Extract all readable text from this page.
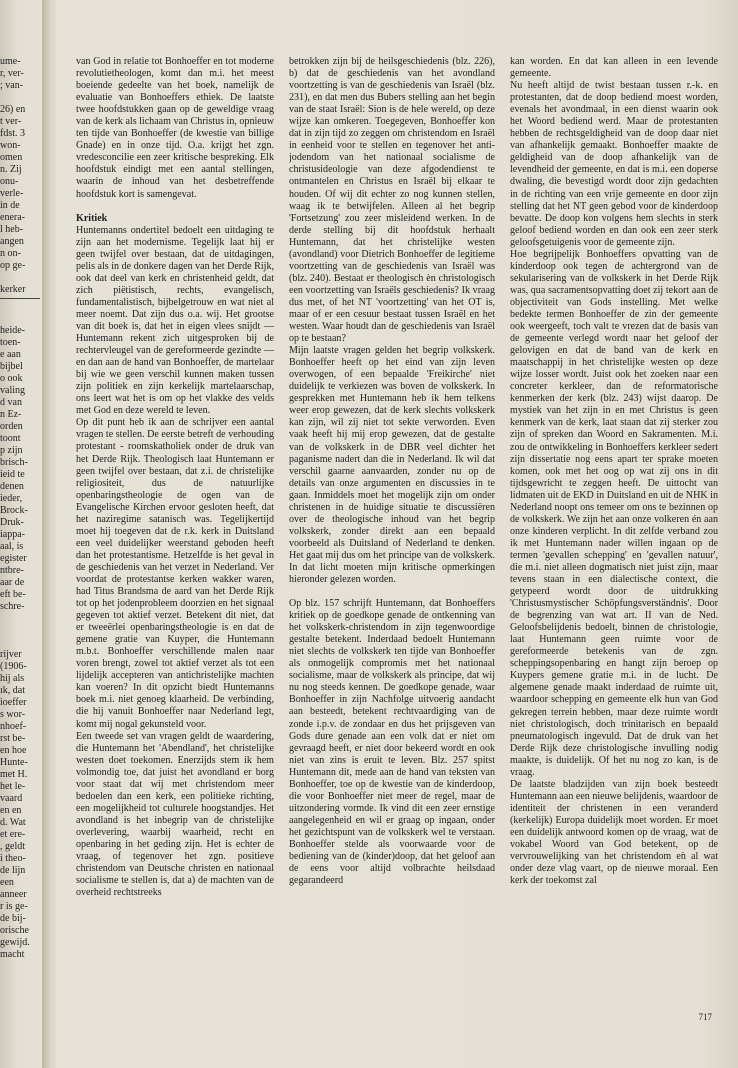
ume-
r, ver-
; van-
26) en
t ver-
fdst. 3
won-
omen
n. Zij
onu-
verle-
in de
enera-
l heb-
angen
n on-
op ge-
kerker
heide-
toen-
e aan
bijbel
o ook
valing
d van
n Ez-
orden
toont
p zijn
brisch-
ieid te
denen
ieder,
Brock-
Druk-
iappa-
aal, is
egister
ntbre-
aar de
eft be-
schre-
rijver
(1906-
hij als
ık, dat
ioeffer
s wor-
nhoef-
rst be-
en hoe
Hunte-
met H.
het le-
vaard
en en
d. Wat
et ere-
, geldt
i theo-
de lijn
een
anneer
r is ge-
de bij-
orische
gewijd.
macht

van God in relatie tot Bonhoeffer en tot moderne revolutietheologen, komt dan m.i. het meest boeiende gedeelte van het boek, namelijk de evaluatie van Bonhoeffers ethiek. De laatste twee hoofdstukken gaan op de geweldige vraag van de kerk als lichaam van Christus in, opnieuw ten tijde van Bonhoeffer (de kwestie van billige Gnade) en in onze tijd. O.a. krijgt het zgn. vredesconcilie een zeer kritische bespreking. Elk hoofdstuk eindigt met een aantal stellingen, waarin de inhoud van het desbetreffende hoofdstuk kort is samengevat.

Kritiek

Huntemanns ondertitel bedoelt een uitdaging te zijn aan het modernisme. Tegelijk laat hij er geen twijfel over bestaan, dat de uitdagingen, pelis als in de donkere dagen van het Derde Rijk, ook dat deel van kerk en christenheid geldt, dat zich piëtistisch, rechts, evangelisch, fundamentalistisch, bijbelgetrouw en wat niet al meer noemt. Dat zijn dus o.a. wij. Het grootse van dit boek is, dat het in eigen vlees snijdt — Huntemann rekent zich uitgesproken bij de rechtervleugel van de gereformeerde gezindte — en dan aan de hand van Bonhoeffer, de martelaar bij wie we geen verschil kunnen maken tussen zijn politiek en zijn kerkelijk martelaarschap, ons leert wat het is om op het vlakke des velds met God en deze wereld te leven.

Op dit punt heb ik aan de schrijver een aantal vragen te stellen. De eerste betreft de verhouding protestant - roomskatholiek onder de druk van het Derde Rijk. Theologisch laat Huntemann er geen twijfel over bestaan, dat z.i. de christelijke religiositeit, dus de natuurlijke openbaringstheologie de ogen van de Evangelische Kirchen ervoor gesloten heeft, dat het naziregime satanisch was. Tegelijkertijd moet hij toegeven dat de r.k. kerk in Duitsland een veel duidelijker weerstand geboden heeft dan het protestantisme. Hetzelfde is het geval in de geschiedenis van het verzet in Nederland. Ver voordat de protestantse kerken wakker waren, had Titus Brandsma de aard van het Derde Rijk tot op het jodenprobleem doorzien en het signaal gegeven tot aktief verzet. Betekent dit niet, dat er tweeërlei openbaringstheologie is en dat de gemene gratie van Kuyper, die Huntemann m.b.t. Bonhoeffer verschillende malen naar voren brengt, zowel tot aktief verzet als tot een lijdelijk accepteren van antichristelijke machten kan voeren? In dit opzicht biedt Huntemanns boek m.i. niet genoeg klaarheid. De verbinding, die hij vanuit Bonhoeffer naar Nederland legt, komt mij nogal gekunsteld voor.

Een tweede set van vragen geldt de waardering, die Huntemann het 'Abendland', het christelijke westen doet toekomen. Enerzijds stem ik hem volmondig toe, dat juist het avondland er borg voor staat dat wij met christendom meer bedoelen dan een kerk, een politieke richting, een mogelijkheid tot culturele hoogstandjes. Het avondland is het inbegrip van de christelijke overlevering, waarbij waarheid, recht en openbaring in het geding zijn. Het is echter de vraag, of tegenover het zgn. positieve christendom van Deutsche christen en nationaal socialisme te stellen is, dat a) de machten van de overheid rechtstreeks

betrokken zijn bij de heilsgeschiedenis (blz. 226), b) dat de geschiedenis van het avondland voortzetting is van de geschiedenis van Israël (blz. 231), en dat men dus Bubers stelling aan het begin van de staat Israël: Sion is de hele wereld, op deze wijze kan omkeren. Toegegeven, Bonhoeffer kon dat in zijn tijd zo zeggen om christendom en Israël in eenheid voor te stellen en tegenover het anti-jodendom van het nationaal socialisme de christusideologie van deze afgodendienst te ontmantelen en Christus en Israël bij elkaar te houden. Of wij dit echter zo nog kunnen stellen, waag ik te betwijfelen. Alleen al het begrip 'Fortsetzung' zou zeer misleidend werken. In de derde stelling bij dit hoofdstuk herhaalt Huntemann, dat het christelijke westen (avondland) voor Dietrich Bonhoeffer de legitieme voortzetting van de geschiedenis van Israël was (blz. 240). Bestaat er theologisch èn christologisch een voortzetting van Israëls geschiedenis? Ik vraag dus met, of het NT 'voortzetting' van het OT is, maar of er een cesuur bestaat tussen Israël en het westen. Waar houdt dan de geschiedenis van Israël op te bestaan?

Mijn laatste vragen gelden het begrip volkskerk. Bonhoeffer heeft op het eind van zijn leven overwogen, of een bepaalde 'Freikirche' niet duidelijk te verkiezen was boven de volkskerk. In gesprekken met Huntemann heb ik hem telkens weer erop gewezen, dat de kerk slechts volkskerk kan zijn, wil zij niet tot sekte verworden. Even vaak heeft hij mij erop gewezen, dat de gestalte van de volkskerk in de DBR veel dichter het paganisme nadert dan die in Nederland. Ik wil dat verschil gaarne aanvaarden, zonder nu op de details van onze argumenten en discussies in te gaan. Inmiddels moet het mogelijk zijn om onder christenen in de huidige situatie te discussiëren over de theologische inhoud van het begrip volkskerk, zonder direkt aan een bepaald voorbeeld als Duitsland of Nederland te denken. Het gaat mij dus om het principe van de volkskerk. In dat licht moeten mijn kritische opmerkingen hieronder gelezen worden.

Op blz. 157 schrijft Huntemann, dat Bonhoeffers kritiek op de goedkope genade de ontkenning van het volkskerk-christendom in zijn tegenwoordige gestalte betekent. Inderdaad bedoelt Huntemann niet slechts de volkskerk ten tijde van Bonhoeffer als onmogelijk compromis met het nationaal socialisme, maar de volkskerk als principe, dat wij nu nog steeds kennen. De goedkope genade, waar Bonhoeffer in zijn Nachfolge uitvoerig aandacht aan besteedt, betekent rechtvaardiging van de zonde i.p.v. de zondaar en dus het prijsgeven van Gods dure genade aan een volk dat er niet om gevraagd heeft, er niet door bekeerd wordt en ook niet van zins is eruit te leven. Blz. 257 spitst Huntemann dit, mede aan de hand van teksten van Bonhoeffer, toe op de kwestie van de kinderdoop, die voor Bonhoeffer niet meer de regel, maar de uitzondering vormde. Ik vind dit een zeer ernstige aangelegenheid en wil er graag op ingaan, onder het gezichtspunt van de volkskerk wel te verstaan. Bonhoeffer stelde als voorwaarde voor de bediening van de (kinder)doop, dat het geloof aan de eens voor altijd volbrachte heilsdaad gegarandeerd

kan worden. En dat kan alleen in een levende gemeente.

Nu heeft altijd de twist bestaan tussen r.-k. en protestanten, dat de doop bediend moest worden, evenals het avondmaal, in een dienst waarin ook het Woord bediend werd. Maar de protestanten hebben de rechtsgeldigheid van de doop daar niet van afhankelijk gemaakt. Bonhoeffer maakte de geldigheid van de doop afhankelijk van de levendheid der gemeente, en dat is m.i. een doperse dwaling, die bevestigd wordt door zijn gedachten in de richting van een vrije gemeente en door zijn stelling dat het NT geen gebod voor de kinderdoop bevatte. De doop kon volgens hem slechts in sterk geloof bediend worden en dan ook een zeer sterk geloofsgetuigenis voor de gemeente zijn.

Hoe begrijpelijk Bonhoeffers opvatting van de kinderdoop ook tegen de achtergrond van de sekularisering van de volkskerk in het Derde Rijk was, qua sacramentsopvatting doet zij tekort aan de objectiviteit van Gods instelling. Met welke bedekte termen Bonhoeffer de zin der gemeente ook weergeeft, toch valt te vrezen dat de basis van de gemeente verlegd wordt naar het geloof der gelovigen en dat de band van de kerk en maatschappij in het christelijke westen op deze wijze losser wordt. Juist ook het zoeken naar een concreter kerkleer, dan de reformatorische kenmerken der kerk (blz. 243) wijst daarop. De mystiek van het zijn in en met Christus is geen kenmerk van de kerk, laat staan dat zij sterker zou zijn of spreken dan Woord en Sakramenten. M.i. zou de ontwikkeling in Bonhoeffers kerkleer sedert zijn dissertatie nog eens apart ter sprake moeten komen, ook met het oog op wat zij ons in dit tijdsgewricht te zeggen heeft. De uittocht van lidmaten uit de EKD in Duitsland en uit de NHK in Nederland noopt ons temeer om ons te bezinnen op de volkskerk. We zijn het aan onze volkeren én aan onze kinderen verplicht. In dit zelfde verband zou ik met Huntemann nader willen ingaan op de termen 'gevallen schepping' en 'gevallen natuur', die m.i. niet alleen dogmatisch niet juist zijn, maar tevens staan in een dialectische context, die getypeerd wordt door de uitdrukking 'Christusmystischer Schöpfungsverständnis'. Door de begrenzing van wat art. II van de Ned. Geloofsbelijdenis bedoelt, binnen de christologie, laat Huntemann geen ruimte voor de gereformeerde betekenis van de zgn. scheppingsopenbaring en hangt zijn beroep op Kuypers gemene gratie m.i. in de lucht. De algemene genade maakt inderdaad de ruimte uit, waardoor schepping en gemeente elk hun van God gekregen terrein hebben, maar deze ruimte wordt niet christologisch, doch trinitarisch en bepaald pneumatologisch ingevuld. Dat de druk van het Derde Rijk deze christologische invulling nodig maakte, is duidelijk. Of het nu nog zo kan, is de vraag.

De laatste bladzijden van zijn boek besteedt Huntemann aan een nieuwe belijdenis, waardoor de identiteit der christenen in een veranderd (kerkelijk) Europa duidelijk moet worden. Er moet een duidelijk antwoord komen op de vraag, wat de vokabel Woord van God betekent, op de vervrouwelijking van het christendom eǹ al wat onder deze vlag vaart, op de nieuwe moraal. Een kerk der toekomst zal

717
